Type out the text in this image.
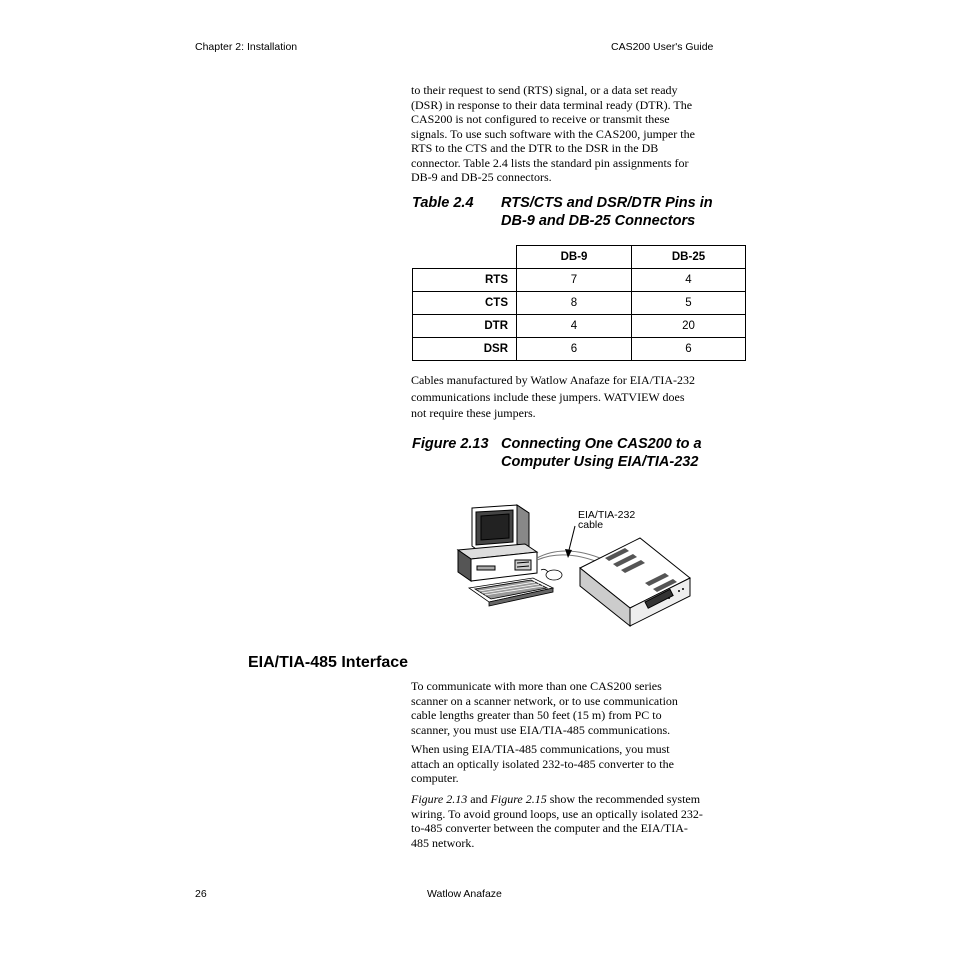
Chapter 2: Installation	CAS200 User's Guide
to their request to send (RTS) signal, or a data set ready
(DSR) in response to their data terminal ready (DTR). The
CAS200 is not configured to receive or transmit these
signals. To use such software with the CAS200, jumper the
RTS to the CTS and the DTR to the DSR in the DB
connector. Table 2.4 lists the standard pin assignments for
DB-9 and DB-25 connectors.
Table 2.4 RTS/CTS and DSR/DTR Pins in
DB-9 and DB-25 Connectors
	DB-9	DB-25
RTS	7	4
CTS	8	5
DTR	4	20
DSR	6	6
Cables manufactured by Watlow Anafaze for EIA/TIA-232
communications include these jumpers. WATVIEW does
not require these jumpers.
Figure 2.13 Connecting One CAS200 to a
Computer Using EIA/TIA-232
EIA/TIA-232
cable
EIA/TIA-485 Interface
To communicate with more than one CAS200 series
scanner on a scanner network, or to use communication
cable lengths greater than 50 feet (15 m) from PC to
scanner, you must use EIA/TIA-485 communications.
When using EIA/TIA-485 communications, you must
attach an optically isolated 232-to-485 converter to the
computer.
Figure 2.13 and Figure 2.15 show the recommended system
wiring. To avoid ground loops, use an optically isolated 232-
to-485 converter between the computer and the EIA/TIA-
485 network.
26	Watlow Anafaze
